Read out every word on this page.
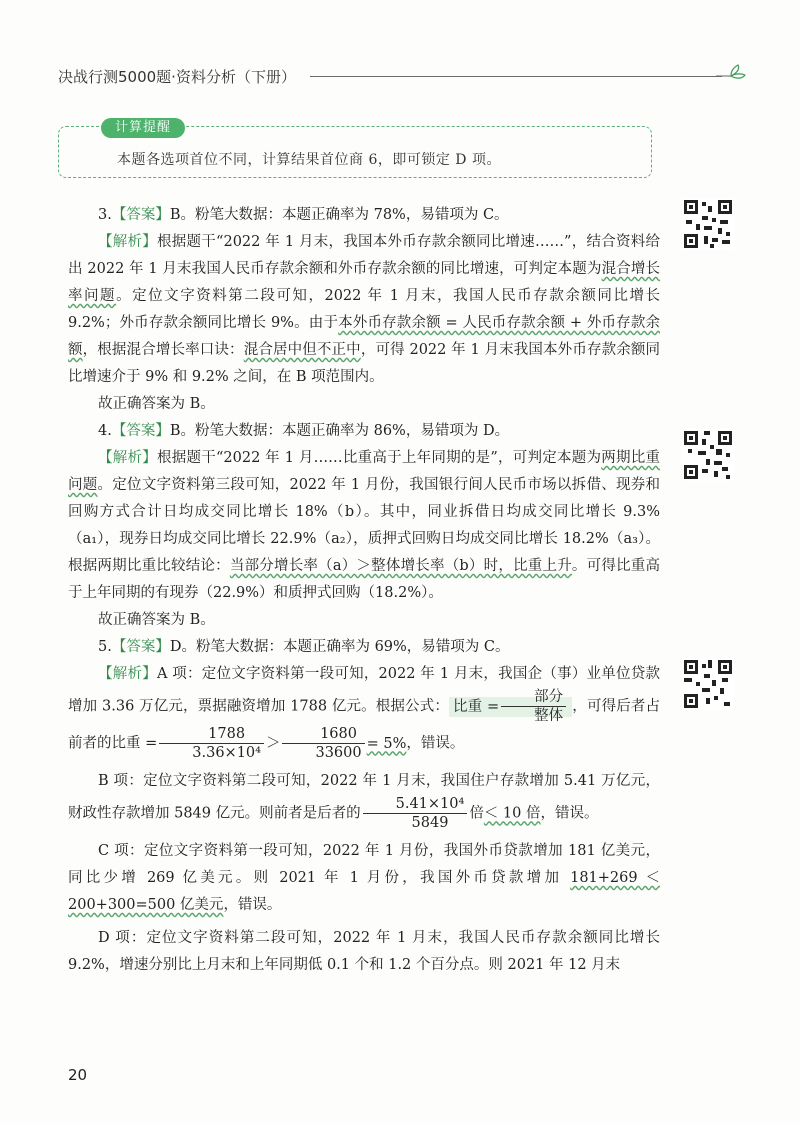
决战行测5000题·资料分析（下册）
计算提醒
本题各选项首位不同，计算结果首位商 6，即可锁定 D 项。

3.【答案】B。粉笔大数据：本题正确率为 78%，易错项为 C。

【解析】根据题干“2022 年 1 月末，我国本外币存款余额同比增速……”，结合资料给出 2022 年 1 月末我国人民币存款余额和外币存款余额的同比增速，可判定本题为混合增长率问题。定位文字资料第二段可知，2022 年 1 月末，我国人民币存款余额同比增长 9.2%；外币存款余额同比增长 9%。由于本外币存款余额 = 人民币存款余额 + 外币存款余额，根据混合增长率口诀：混合居中但不正中，可得 2022 年 1 月末我国本外币存款余额同比增速介于 9% 和 9.2% 之间，在 B 项范围内。

故正确答案为 B。

4.【答案】B。粉笔大数据：本题正确率为 86%，易错项为 D。

【解析】根据题干“2022 年 1 月……比重高于上年同期的是”，可判定本题为两期比重问题。定位文字资料第三段可知，2022 年 1 月份，我国银行间人民币市场以拆借、现券和回购方式合计日均成交同比增长 18%（b）。其中，同业拆借日均成交同比增长 9.3%（a₁），现券日均成交同比增长 22.9%（a₂），质押式回购日均成交同比增长 18.2%（a₃）。根据两期比重比较结论：当部分增长率（a）＞整体增长率（b）时，比重上升。可得比重高于上年同期的有现券（22.9%）和质押式回购（18.2%）。

故正确答案为 B。

5.【答案】D。粉笔大数据：本题正确率为 69%，易错项为 C。

【解析】A 项：定位文字资料第一段可知，2022 年 1 月末，我国企（事）业单位贷款增加 3.36 万亿元，票据融资增加 1788 亿元。根据公式： 比重 = $\frac{\text{部分}}{\text{整体}}$ ，可得后者占前者的比重 = $\frac{1788}{\text{3.36×10⁴}} > \frac{1680}{33600} = 5\%$，错误。

B 项：定位文字资料第二段可知，2022 年 1 月末，我国住户存款增加 5.41 万亿元，财政性存款增加 5849 亿元。则前者是后者的 $\frac{\text{5.41×10⁴}}{5849}$ 倍＜ 10 倍，错误。

C 项：定位文字资料第一段可知，2022 年 1 月份，我国外币贷款增加 181 亿美元，同比少增 269 亿美元。则 2021 年 1 月份，我国外币贷款增加 181+269 ＜ 200+300=500 亿美元，错误。

D 项：定位文字资料第二段可知，2022 年 1 月末，我国人民币存款余额同比增长 9.2%，增速分别比上月末和上年同期低 0.1 个和 1.2 个百分点。则 2021 年 12 月末

20
